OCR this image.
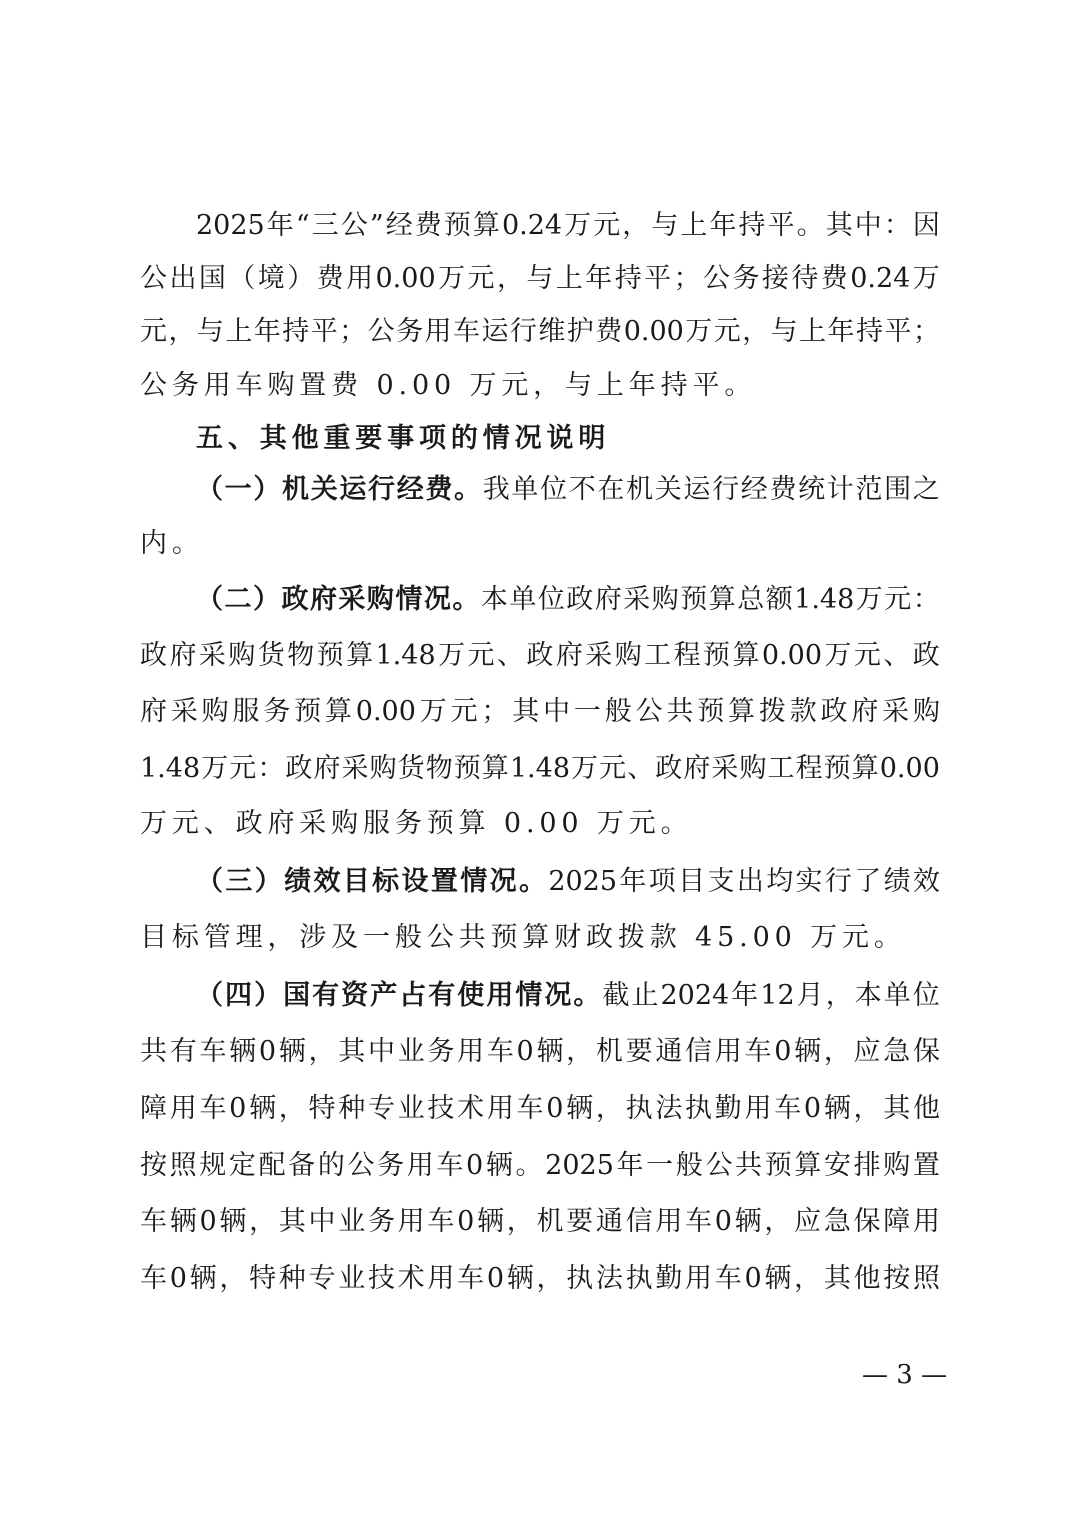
2025 年 “ 三 公 ” 经 费 预 算 0.24 万 元 ， 与 上 年 持 平 。 其 中 ： 因
公 出 国 （ 境 ） 费 用 0.00 万 元 ， 与 上 年 持 平 ； 公 务 接 待 费 0.24 万
元 ， 与 上 年 持 平 ； 公 务 用 车 运 行 维 护 费 0.00 万 元 ， 与 上 年 持 平 ；
公务用车购置费 0.00 万元，与上年持平。
五、其他重要事项的情况说明
（ 一 ） 机 关 运 行 经 费 。 我 单 位 不 在 机 关 运 行 经 费 统 计 范 围 之
内。
（ 二 ） 政 府 采 购 情 况 。 本 单 位 政 府 采 购 预 算 总 额 1.48 万 元 ：
政 府 采 购 货 物 预 算 1.48 万 元 、 政 府 采 购 工 程 预 算 0.00 万 元 、 政
府 采 购 服 务 预 算 0.00 万 元 ； 其 中 一 般 公 共 预 算 拨 款 政 府 采 购
1.48 万 元 ： 政 府 采 购 货 物 预 算 1.48 万 元 、 政 府 采 购 工 程 预 算 0.00
万元、政府采购服务预算 0.00 万元。
（ 三 ） 绩 效 目 标 设 置 情 况 。 2025 年 项 目 支 出 均 实 行 了 绩 效
目标管理，涉及一般公共预算财政拨款 45.00 万元。
（ 四 ） 国 有 资 产 占 有 使 用 情 况 。 截 止 2024 年 12 月 ， 本 单 位
共 有 车 辆 0 辆 ， 其 中 业 务 用 车 0 辆 ， 机 要 通 信 用 车 0 辆 ， 应 急 保
障 用 车 0 辆 ， 特 种 专 业 技 术 用 车 0 辆 ， 执 法 执 勤 用 车 0 辆 ， 其 他
按 照 规 定 配 备 的 公 务 用 车 0 辆 。 2025 年 一 般 公 共 预 算 安 排 购 置
车 辆 0 辆 ， 其 中 业 务 用 车 0 辆 ， 机 要 通 信 用 车 0 辆 ， 应 急 保 障 用
车 0 辆 ， 特 种 专 业 技 术 用 车 0 辆 ， 执 法 执 勤 用 车 0 辆 ， 其 他 按 照
— 3 —
